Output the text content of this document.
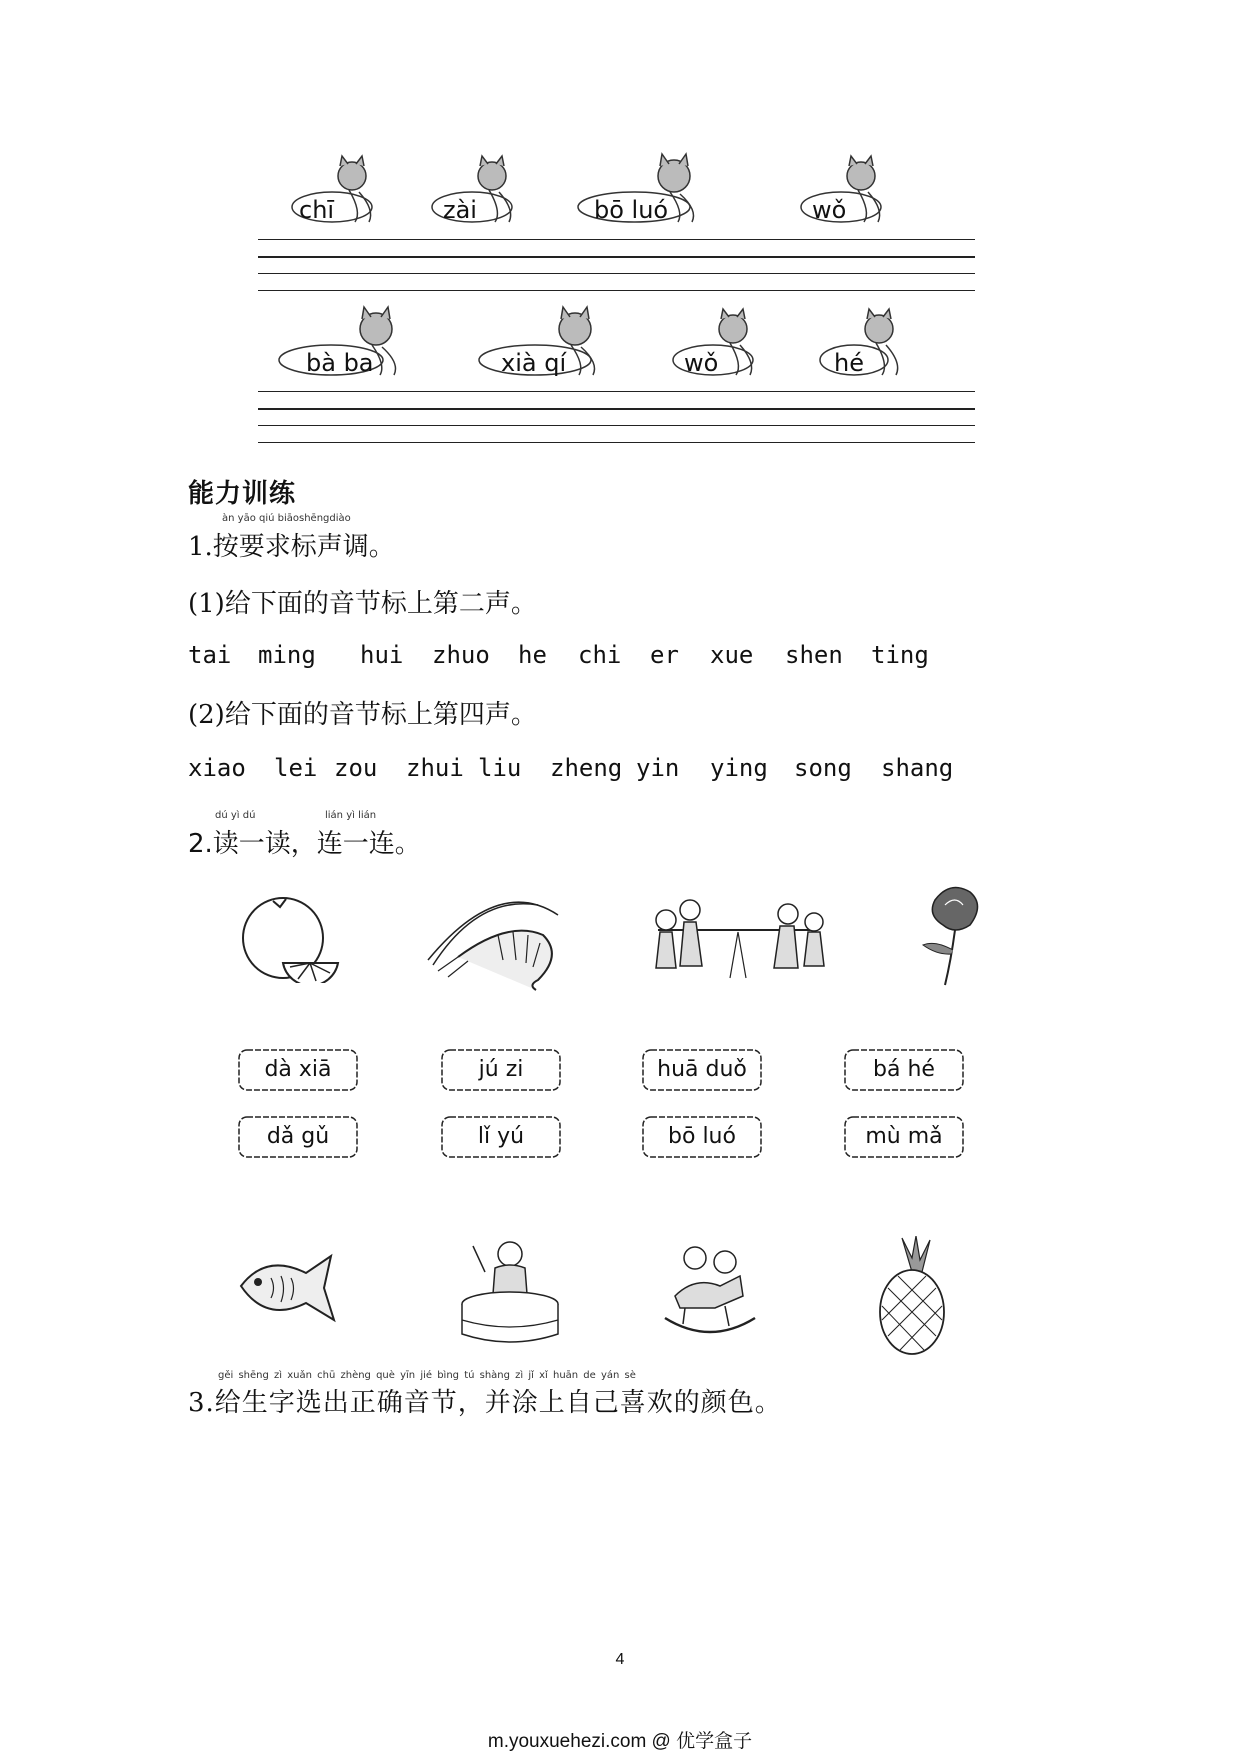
chī	zài	bō luó	wǒ
bà ba	xià qí	wǒ	hé
能力训练
àn yāo qiú biāoshēngdiào
1.按要求标声调。
(1)给下面的音节标上第二声。
tai ming hui zhuo he chi er xue shen ting
(2)给下面的音节标上第四声。
xiao lei zou zhui liu zheng yin ying song shang
dú yì dú	lián yì lián
2.读一读，连一连。
dà xiā	jú zi	huā duǒ	bá hé
dǎ gǔ	lǐ yú	bō luó	mù mǎ
gěi shēng zì xuǎn chū zhèng què yīn jié bìng tú shàng zì jǐ xǐ huān de yán sè
3.给生字选出正确音节，并涂上自己喜欢的颜色。
4
m.youxuehezi.com @ 优学盒子
